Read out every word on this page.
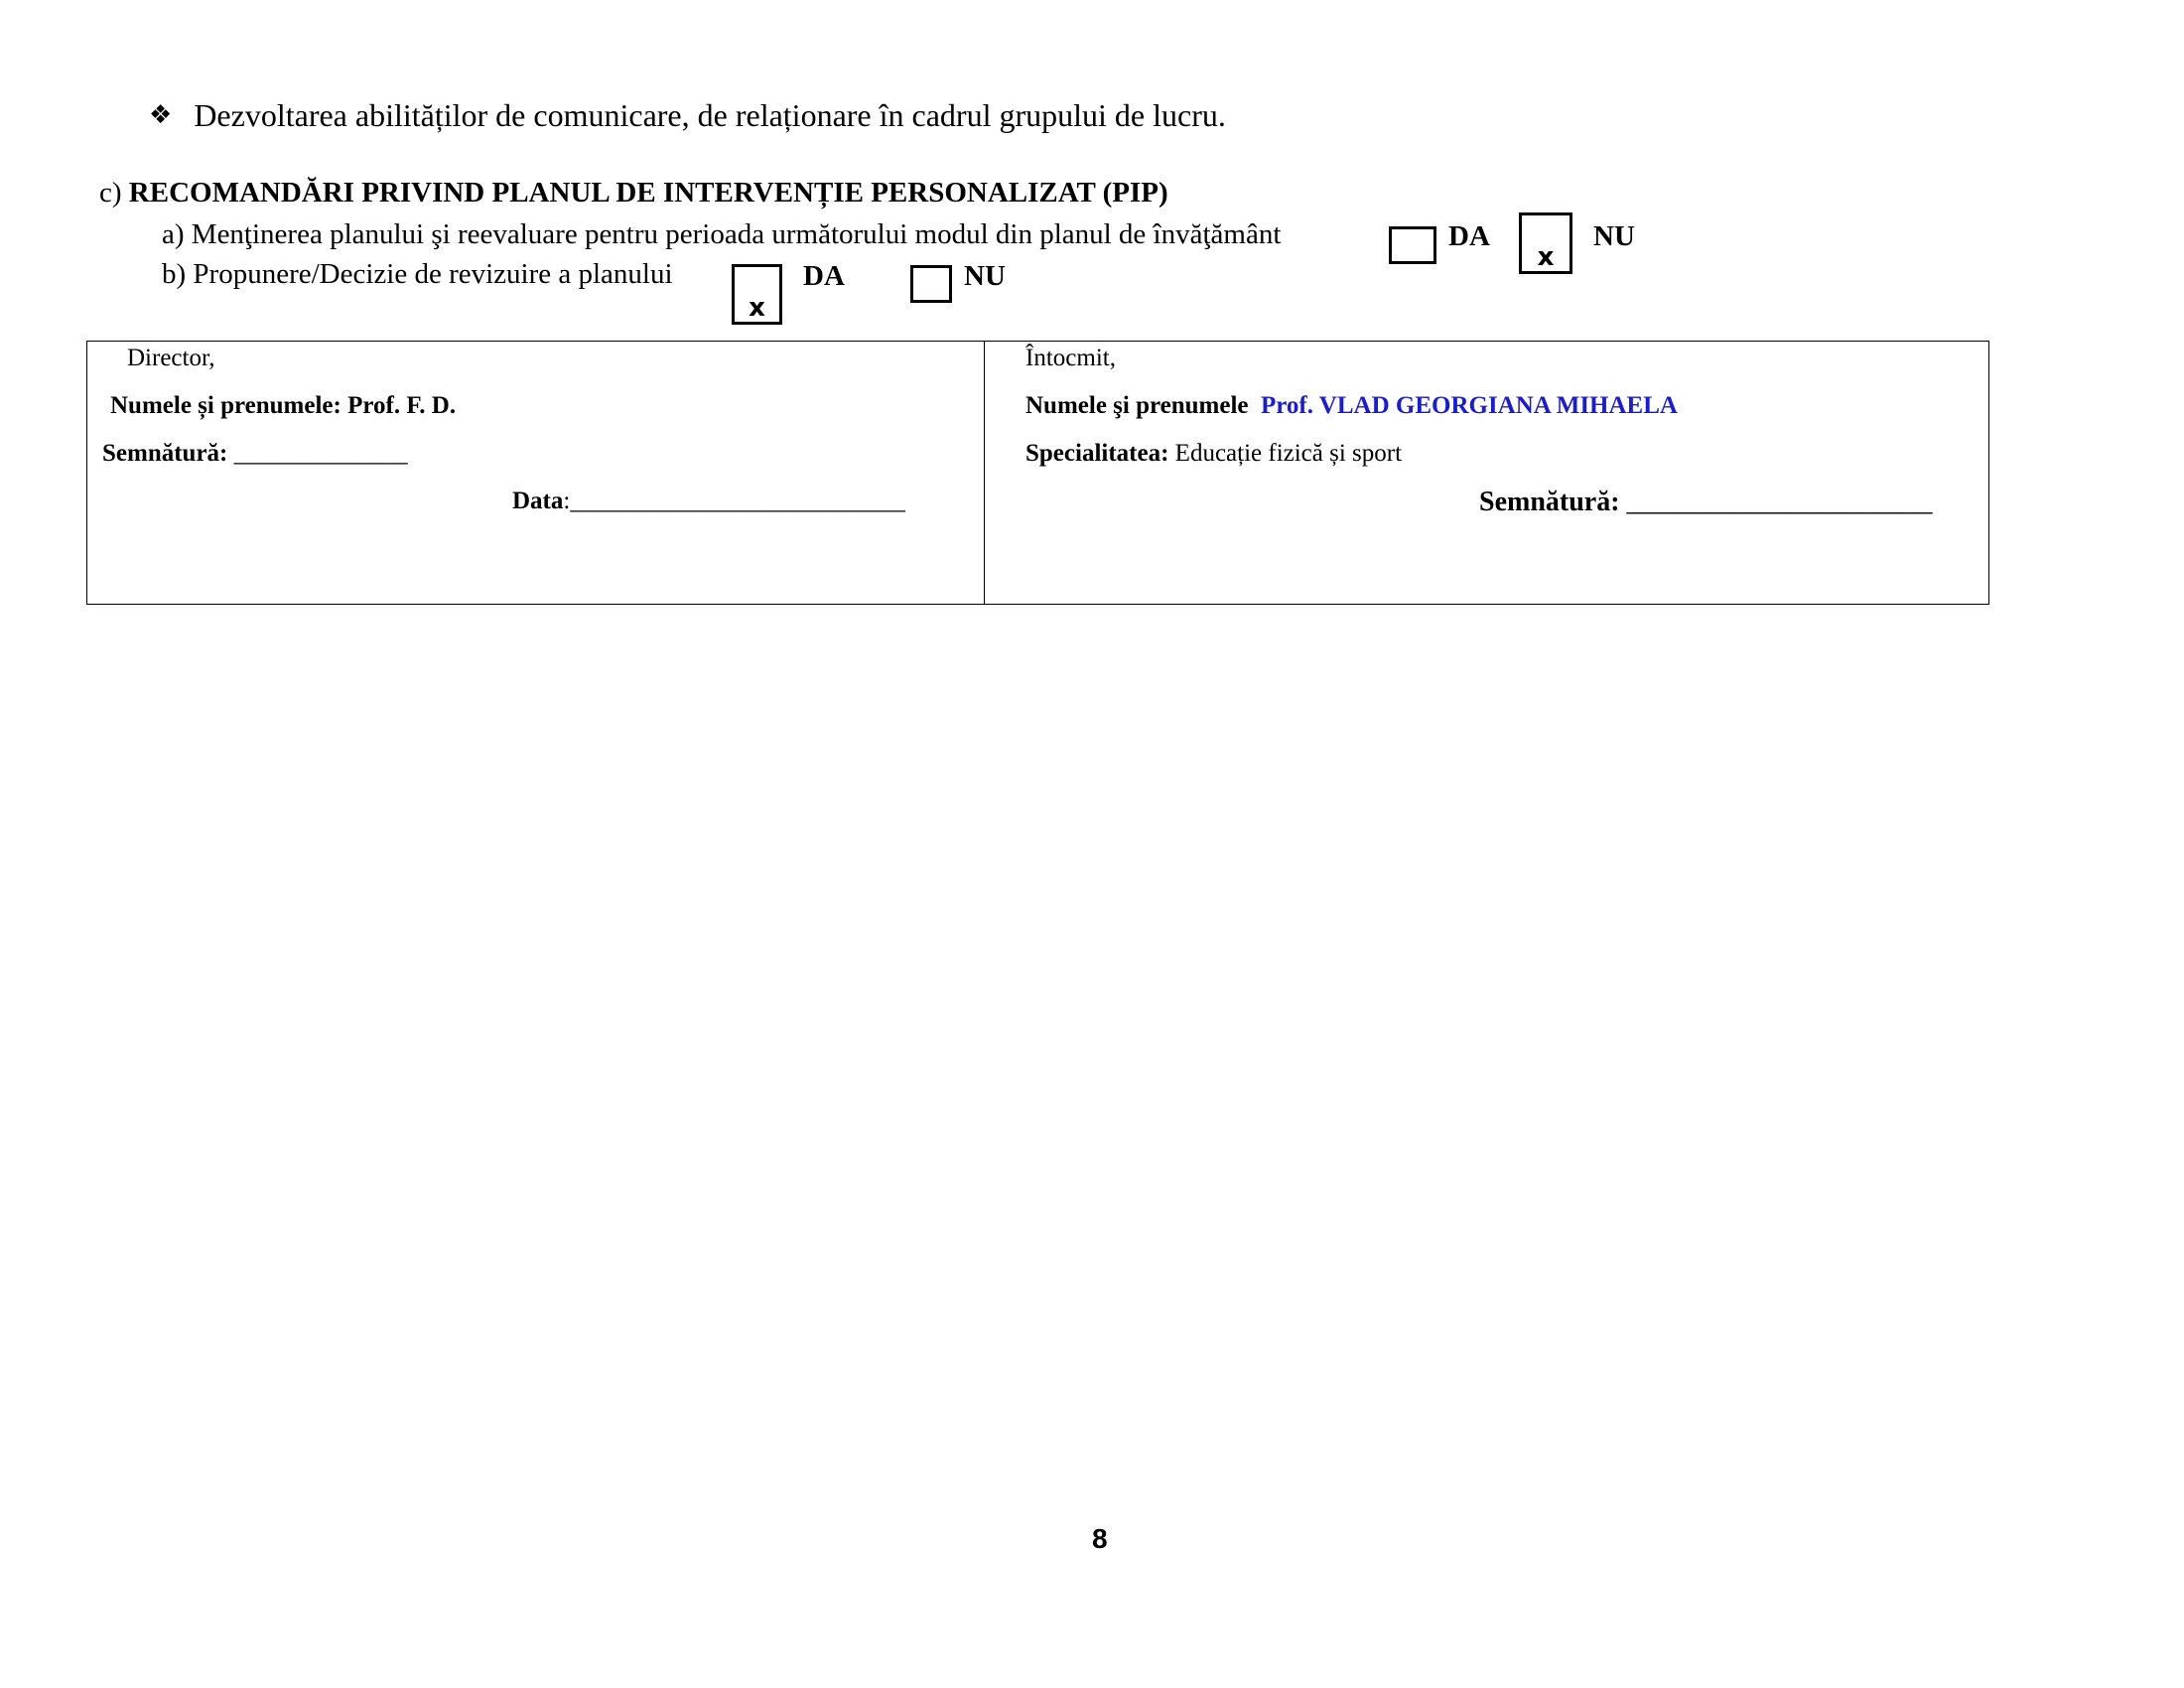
❖ Dezvoltarea abilităților de comunicare, de relaționare în cadrul grupului de lucru.
c) RECOMANDĂRI PRIVIND PLANUL DE INTERVENȚIE PERSONALIZAT (PIP)
a) Menţinerea planului şi reevaluare pentru perioada următorului modul din planul de învăţământ	DA
x
NU
b) Propunere/Decizie de revizuire a planului
x
DA	NU
Director,
Numele și prenumele: Prof. F. D.
Semnătură: ______________
Data:___________________________
Întocmit,
Numele şi prenumele Prof. VLAD GEORGIANA MIHAELA
Specialitatea: Educație fizică și sport
Semnătură: ______________________
8
